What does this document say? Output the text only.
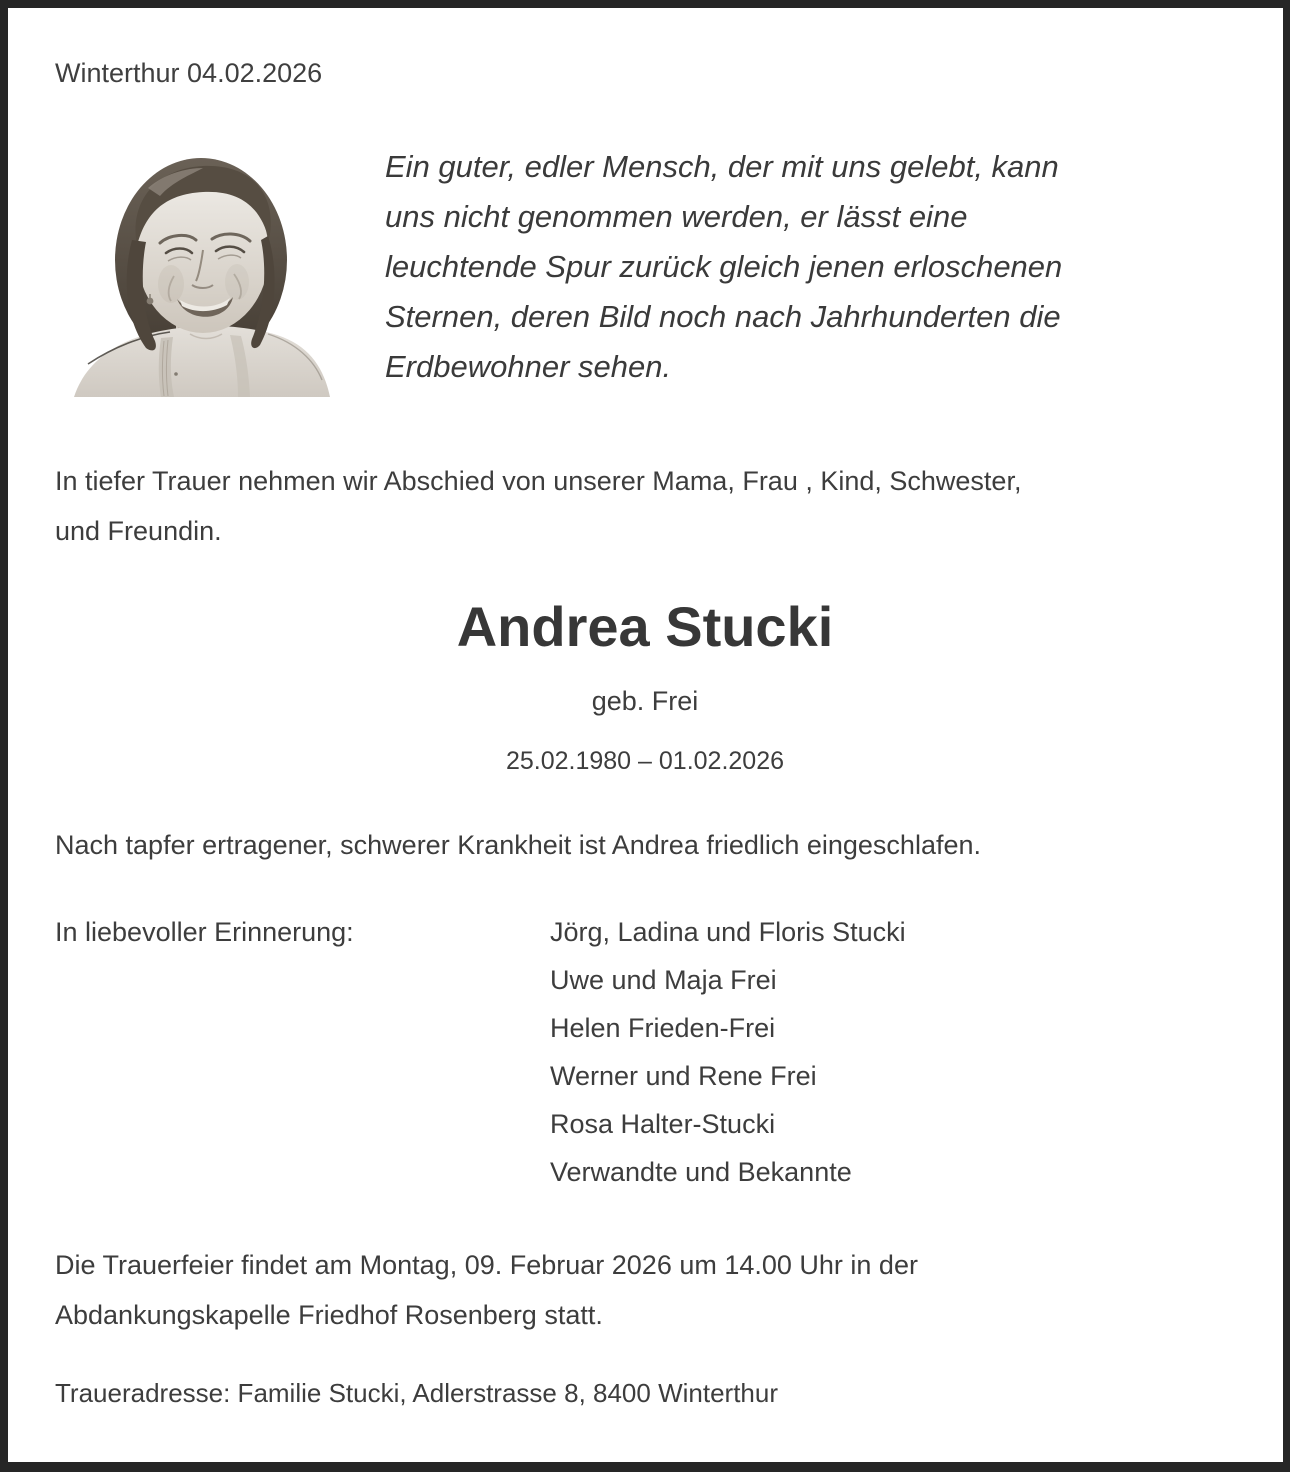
Winterthur 04.02.2026
Ein guter, edler Mensch, der mit uns gelebt, kann
uns nicht genommen werden, er lässt eine
leuchtende Spur zurück gleich jenen erloschenen
Sternen, deren Bild noch nach Jahrhunderten die
Erdbewohner sehen.
In tiefer Trauer nehmen wir Abschied von unserer Mama, Frau , Kind, Schwester,
und Freundin.
Andrea Stucki
geb. Frei
25.02.1980 – 01.02.2026
Nach tapfer ertragener, schwerer Krankheit ist Andrea friedlich eingeschlafen.
In liebevoller Erinnerung:	Jörg, Ladina und Floris Stucki
Uwe und Maja Frei
Helen Frieden-Frei
Werner und Rene Frei
Rosa Halter-Stucki
Verwandte und Bekannte
Die Trauerfeier findet am Montag, 09. Februar 2026 um 14.00 Uhr in der
Abdankungskapelle Friedhof Rosenberg statt.
Traueradresse: Familie Stucki, Adlerstrasse 8, 8400 Winterthur
